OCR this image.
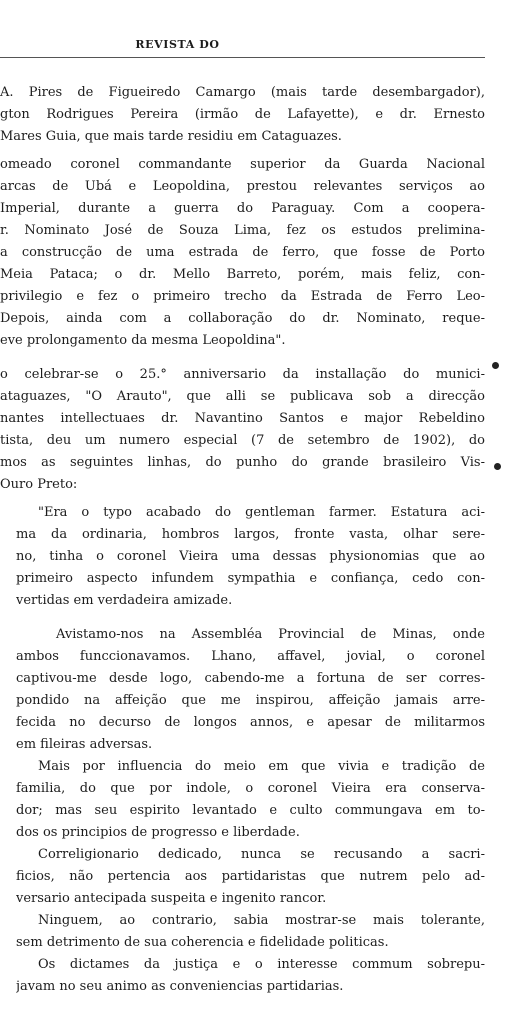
REVISTA DO
A. Pires de Figueiredo Camargo (mais tarde desembargador),
gton Rodrigues Pereira (irmão de Lafayette), e dr. Ernesto
Mares Guia, que mais tarde residiu em Cataguazes.
omeado coronel commandante superior da Guarda Nacional
arcas de Ubá e Leopoldina, prestou relevantes serviços ao
Imperial, durante a guerra do Paraguay. Com a coopera-
r. Nominato José de Souza Lima, fez os estudos prelimina-
a construcção de uma estrada de ferro, que fosse de Porto
Meia Pataca; o dr. Mello Barreto, porém, mais feliz, con-
privilegio e fez o primeiro trecho da Estrada de Ferro Leo-
Depois, ainda com a collaboração do dr. Nominato, reque-
eve prolongamento da mesma Leopoldina".
o celebrar-se o 25.° anniversario da installação do munici-
ataguazes, "O Arauto", que alli se publicava sob a direcção
nantes intellectuaes dr. Navantino Santos e major Rebeldino
tista, deu um numero especial (7 de setembro de 1902), do
mos as seguintes linhas, do punho do grande brasileiro Vis-
Ouro Preto:
"Era o typo acabado do gentleman farmer. Estatura aci-
ma da ordinaria, hombros largos, fronte vasta, olhar sere-
no, tinha o coronel Vieira uma dessas physionomias que ao
primeiro aspecto infundem sympathia e confiança, cedo con-
vertidas em verdadeira amizade.
Avistamo-nos na Assembléa Provincial de Minas, onde
ambos funccionavamos. Lhano, affavel, jovial, o coronel
captivou-me desde logo, cabendo-me a fortuna de ser corres-
pondido na affeição que me inspirou, affeição jamais arre-
fecida no decurso de longos annos, e apesar de militarmos
em fileiras adversas.
Mais por influencia do meio em que vivia e tradição de
familia, do que por indole, o coronel Vieira era conserva-
dor; mas seu espirito levantado e culto commungava em to-
dos os principios de progresso e liberdade.
Correligionario dedicado, nunca se recusando a sacri-
ficios, não pertencia aos partidaristas que nutrem pelo ad-
versario antecipada suspeita e ingenito rancor.
Ninguem, ao contrario, sabia mostrar-se mais tolerante,
sem detrimento de sua coherencia e fidelidade politicas.
Os dictames da justiça e o interesse commum sobrepu-
javam no seu animo as conveniencias partidarias.
